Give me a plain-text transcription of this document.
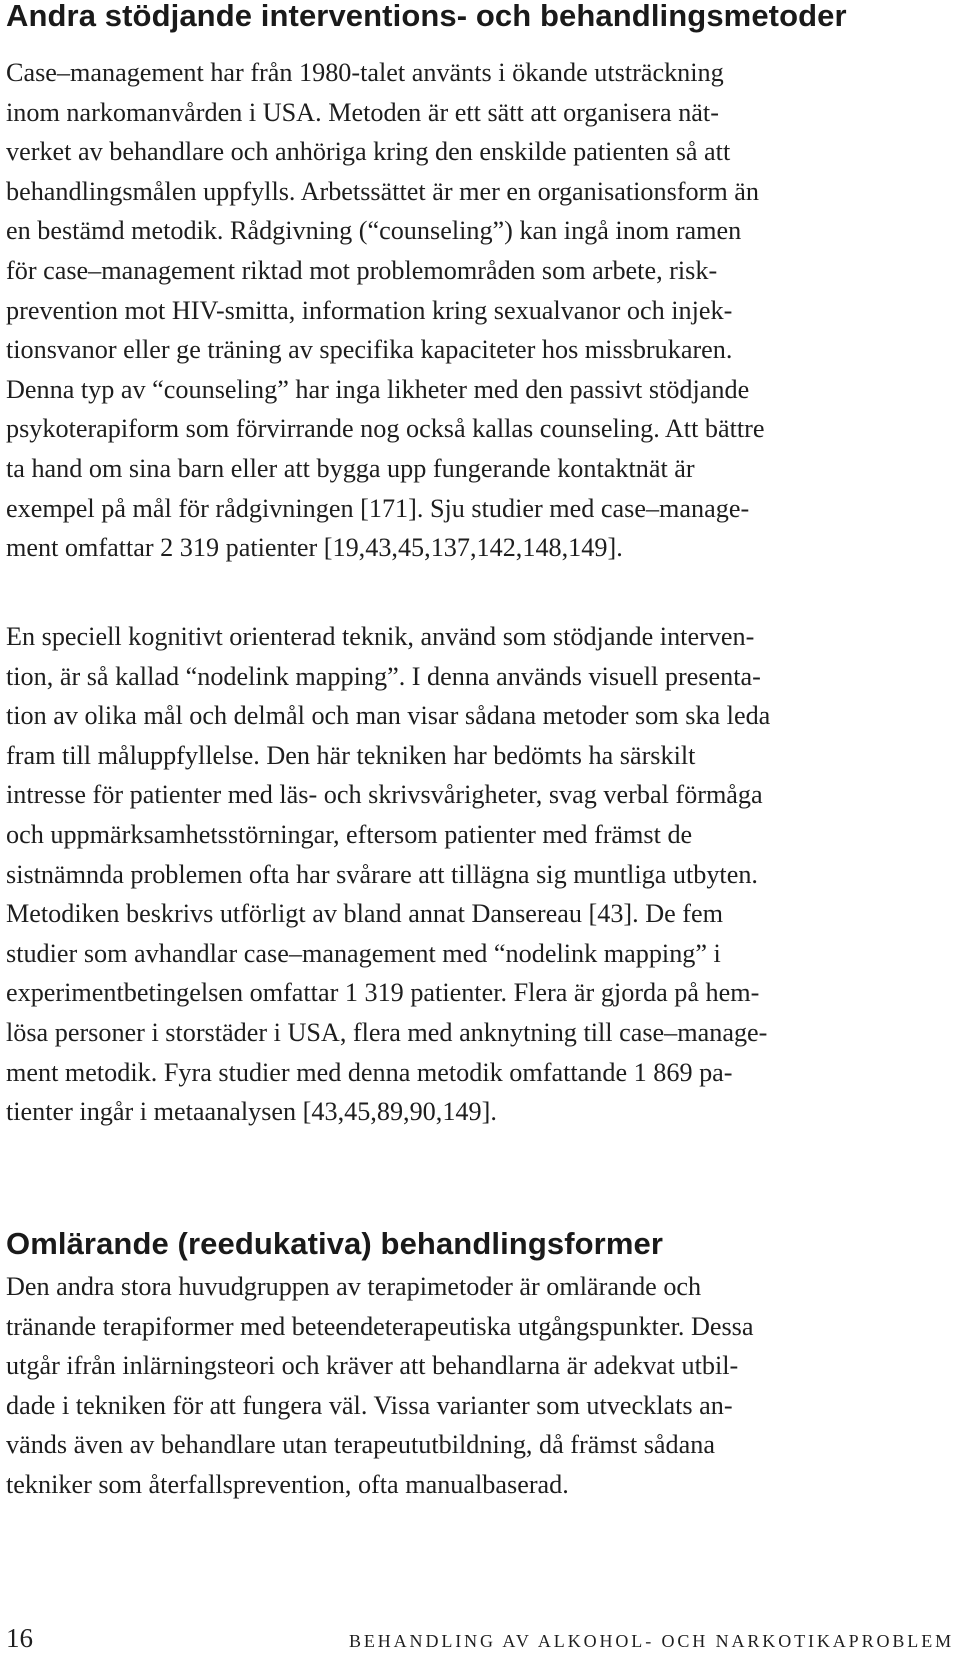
Andra stödjande interventions- och behandlingsmetoder

Case–management har från 1980-talet använts i ökande utsträckning
inom narkomanvården i USA. Metoden är ett sätt att organisera nät-
verket av behandlare och anhöriga kring den enskilde patienten så att
behandlingsmålen uppfylls. Arbetssättet är mer en organisationsform än
en bestämd metodik. Rådgivning (“counseling”) kan ingå inom ramen
för case–management riktad mot problemområden som arbete, risk-
prevention mot HIV-smitta, information kring sexualvanor och injek-
tionsvanor eller ge träning av specifika kapaciteter hos missbrukaren.
Denna typ av “counseling” har inga likheter med den passivt stödjande
psykoterapiform som förvirrande nog också kallas counseling. Att bättre
ta hand om sina barn eller att bygga upp fungerande kontaktnät är
exempel på mål för rådgivningen [171]. Sju studier med case–manage-
ment omfattar 2 319 patienter [19,43,45,137,142,148,149].

En speciell kognitivt orienterad teknik, använd som stödjande interven-
tion, är så kallad “nodelink mapping”. I denna används visuell presenta-
tion av olika mål och delmål och man visar sådana metoder som ska leda
fram till måluppfyllelse. Den här tekniken har bedömts ha särskilt
intresse för patienter med läs- och skrivsvårigheter, svag verbal förmåga
och uppmärksamhetsstörningar, eftersom patienter med främst de
sistnämnda problemen ofta har svårare att tillägna sig muntliga utbyten.
Metodiken beskrivs utförligt av bland annat Dansereau [43]. De fem
studier som avhandlar case–management med “nodelink mapping” i
experimentbetingelsen omfattar 1 319 patienter. Flera är gjorda på hem-
lösa personer i storstäder i USA, flera med anknytning till case–manage-
ment metodik. Fyra studier med denna metodik omfattande 1 869 pa-
tienter ingår i metaanalysen [43,45,89,90,149].

Omlärande (reedukativa) behandlingsformer

Den andra stora huvudgruppen av terapimetoder är omlärande och
tränande terapiformer med beteendeterapeutiska utgångspunkter. Dessa
utgår ifrån inlärningsteori och kräver att behandlarna är adekvat utbil-
dade i tekniken för att fungera väl. Vissa varianter som utvecklats an-
vänds även av behandlare utan terapeututbildning, då främst sådana
tekniker som återfallsprevention, ofta manualbaserad.

16	BEHANDLING AV ALKOHOL- OCH NARKOTIKAPROBLEM
